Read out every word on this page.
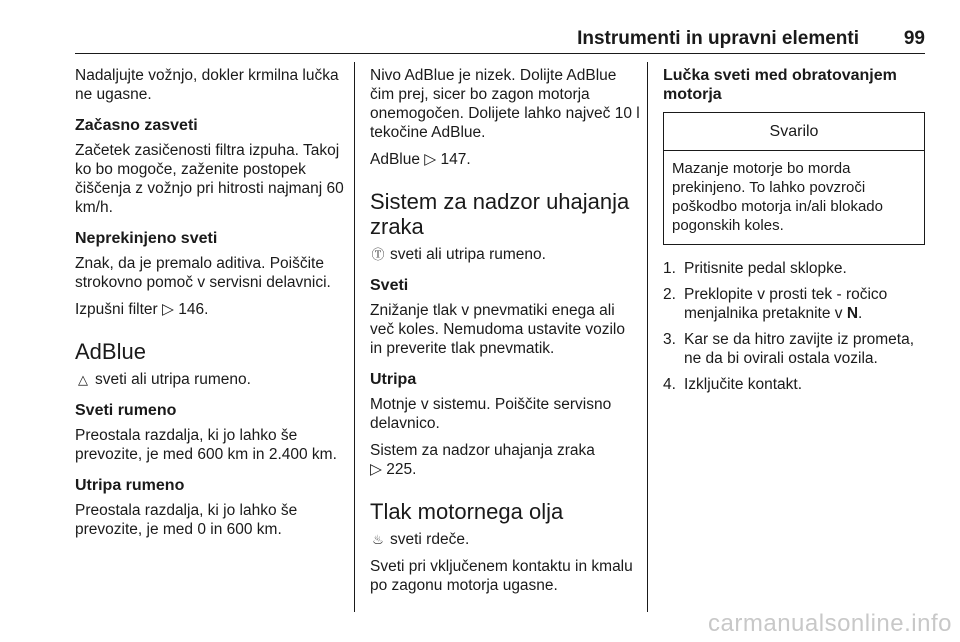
Instrumenti in upravni elementi 99

Nadaljujte vožnjo, dokler krmilna lučka ne ugasne.

Začasno zasveti

Začetek zasičenosti filtra izpuha. Takoj ko bo mogoče, zaženite postopek čiščenja z vožnjo pri hitrosti najmanj 60 km/h.

Neprekinjeno sveti

Znak, da je premalo aditiva. Poiščite strokovno pomoč v servisni delavnici.

Izpušni filter ▷ 146.

AdBlue

△ sveti ali utripa rumeno.

Sveti rumeno

Preostala razdalja, ki jo lahko še prevozite, je med 600 km in 2.400 km.

Utripa rumeno

Preostala razdalja, ki jo lahko še prevozite, je med 0 in 600 km.

Nivo AdBlue je nizek. Dolijte AdBlue čim prej, sicer bo zagon motorja onemogočen. Dolijete lahko največ 10 l tekočine AdBlue.

AdBlue ▷ 147.

Sistem za nadzor uhajanja zraka

Ⓣ sveti ali utripa rumeno.

Sveti

Znižanje tlak v pnevmatiki enega ali več koles. Nemudoma ustavite vozilo in preverite tlak pnevmatik.

Utripa

Motnje v sistemu. Poiščite servisno delavnico.

Sistem za nadzor uhajanja zraka
▷ 225.

Tlak motornega olja

♨ sveti rdeče.

Sveti pri vključenem kontaktu in kmalu po zagonu motorja ugasne.

Lučka sveti med obratovanjem motorja
Svarilo
Mazanje motorje bo morda prekinjeno. To lahko povzroči poškodbo motorja in/ali blokado pogonskih koles.
1. Pritisnite pedal sklopke.
2. Preklopite v prosti tek - ročico menjalnika pretaknite v N.
3. Kar se da hitro zavijte iz prometa, ne da bi ovirali ostala vozila.
4. Izključite kontakt.
carmanualsonline.info
